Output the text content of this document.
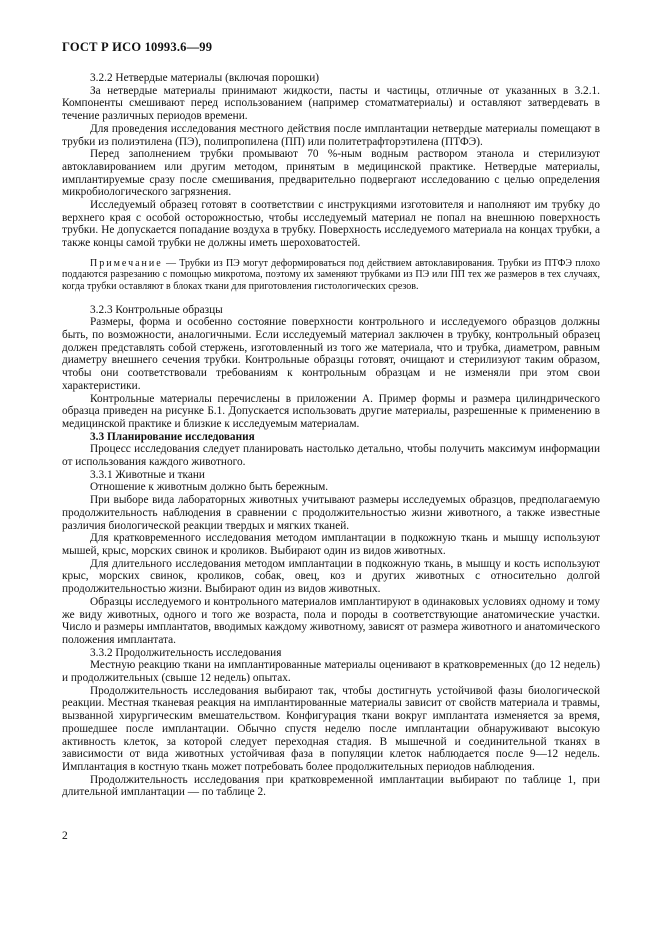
ГОСТ Р ИСО 10993.6—99

3.2.2 Нетвердые материалы (включая порошки)

За нетвердые материалы принимают жидкости, пасты и частицы, отличные от указанных в 3.2.1. Компоненты смешивают перед использованием (например стоматматериалы) и оставляют затвердевать в течение различных периодов времени.

Для проведения исследования местного действия после имплантации нетвердые материалы помещают в трубки из полиэтилена (ПЭ), полипропилена (ПП) или политетрафторэтилена (ПТФЭ).

Перед заполнением трубки промывают 70 %-ным водным раствором этанола и стерилизуют автоклавированием или другим методом, принятым в медицинской практике. Нетвердые материалы, имплантируемые сразу после смешивания, предварительно подвергают исследованию с целью определения микробиологического загрязнения.

Исследуемый образец готовят в соответствии с инструкциями изготовителя и наполняют им трубку до верхнего края с особой осторожностью, чтобы исследуемый материал не попал на внешнюю поверхность трубки. Не допускается попадание воздуха в трубку. Поверхность исследуемого материала на концах трубки, а также концы самой трубки не должны иметь шероховатостей.

Примечание — Трубки из ПЭ могут деформироваться под действием автоклавирования. Трубки из ПТФЭ плохо поддаются разрезанию с помощью микротома, поэтому их заменяют трубками из ПЭ или ПП тех же размеров в тех случаях, когда трубки оставляют в блоках ткани для приготовления гистологических срезов.

3.2.3 Контрольные образцы

Размеры, форма и особенно состояние поверхности контрольного и исследуемого образцов должны быть, по возможности, аналогичными. Если исследуемый материал заключен в трубку, контрольный образец должен представлять собой стержень, изготовленный из того же материала, что и трубка, диаметром, равным диаметру внешнего сечения трубки. Контрольные образцы готовят, очищают и стерилизуют таким образом, чтобы они соответствовали требованиям к контрольным образцам и не изменяли при этом свои характеристики.

Контрольные материалы перечислены в приложении А. Пример формы и размера цилиндрического образца приведен на рисунке Б.1. Допускается использовать другие материалы, разрешенные к применению в медицинской практике и близкие к исследуемым материалам.

3.3 Планирование исследования

Процесс исследования следует планировать настолько детально, чтобы получить максимум информации от использования каждого животного.

3.3.1 Животные и ткани

Отношение к животным должно быть бережным.

При выборе вида лабораторных животных учитывают размеры исследуемых образцов, предполагаемую продолжительность наблюдения в сравнении с продолжительностью жизни животного, а также известные различия биологической реакции твердых и мягких тканей.

Для кратковременного исследования методом имплантации в подкожную ткань и мышцу используют мышей, крыс, морских свинок и кроликов. Выбирают один из видов животных.

Для длительного исследования методом имплантации в подкожную ткань, в мышцу и кость используют крыс, морских свинок, кроликов, собак, овец, коз и других животных с относительно долгой продолжительностью жизни. Выбирают один из видов животных.

Образцы исследуемого и контрольного материалов имплантируют в одинаковых условиях одному и тому же виду животных, одного и того же возраста, пола и породы в соответствующие анатомические участки. Число и размеры имплантатов, вводимых каждому животному, зависят от размера животного и анатомического положения имплантата.

3.3.2 Продолжительность исследования

Местную реакцию ткани на имплантированные материалы оценивают в кратковременных (до 12 недель) и продолжительных (свыше 12 недель) опытах.

Продолжительность исследования выбирают так, чтобы достигнуть устойчивой фазы биологической реакции. Местная тканевая реакция на имплантированные материалы зависит от свойств материала и травмы, вызванной хирургическим вмешательством. Конфигурация ткани вокруг имплантата изменяется за время, прошедшее после имплантации. Обычно спустя неделю после имплантации обнаруживают высокую активность клеток, за которой следует переходная стадия. В мышечной и соединительной тканях в зависимости от вида животных устойчивая фаза в популяции клеток наблюдается после 9—12 недель. Имплантация в костную ткань может потребовать более продолжительных периодов наблюдения.

Продолжительность исследования при кратковременной имплантации выбирают по таблице 1, при длительной имплантации — по таблице 2.

2
